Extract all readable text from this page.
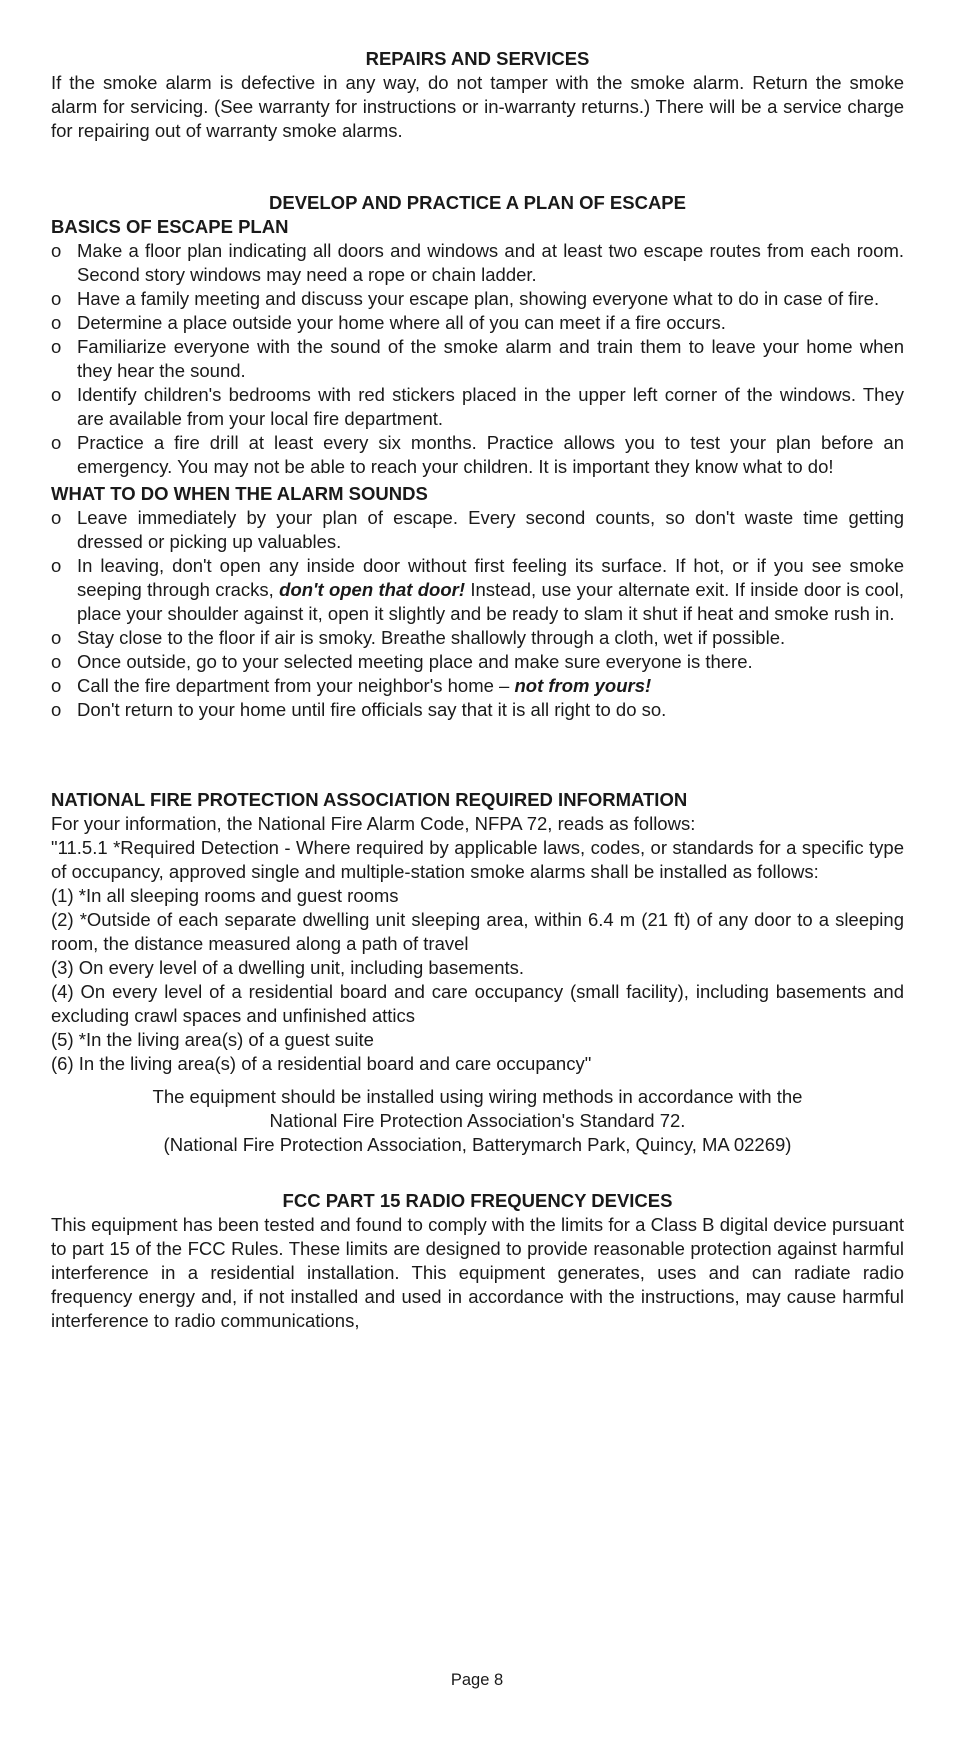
REPAIRS AND SERVICES

If the smoke alarm is defective in any way, do not tamper with the smoke alarm. Return the smoke alarm for servicing. (See warranty for instructions or in-warranty returns.) There will be a service charge for repairing out of warranty smoke alarms.

DEVELOP AND PRACTICE A PLAN OF ESCAPE
BASICS OF ESCAPE PLAN
o Make a floor plan indicating all doors and windows and at least two escape routes from each room. Second story windows may need a rope or chain ladder.
o Have a family meeting and discuss your escape plan, showing everyone what to do in case of fire.
o Determine a place outside your home where all of you can meet if a fire occurs.
o Familiarize everyone with the sound of the smoke alarm and train them to leave your home when they hear the sound.
o Identify children's bedrooms with red stickers placed in the upper left corner of the windows. They are available from your local fire department.
o Practice a fire drill at least every six months. Practice allows you to test your plan before an emergency. You may not be able to reach your children. It is important they know what to do!
WHAT TO DO WHEN THE ALARM SOUNDS
o Leave immediately by your plan of escape. Every second counts, so don't waste time getting dressed or picking up valuables.
o In leaving, don't open any inside door without first feeling its surface. If hot, or if you see smoke seeping through cracks, don't open that door! Instead, use your alternate exit. If inside door is cool, place your shoulder against it, open it slightly and be ready to slam it shut if heat and smoke rush in.
o Stay close to the floor if air is smoky. Breathe shallowly through a cloth, wet if possible.
o Once outside, go to your selected meeting place and make sure everyone is there.
o Call the fire department from your neighbor's home – not from yours!
o Don't return to your home until fire officials say that it is all right to do so.
NATIONAL FIRE PROTECTION ASSOCIATION REQUIRED INFORMATION

For your information, the National Fire Alarm Code, NFPA 72, reads as follows:

"11.5.1 *Required Detection - Where required by applicable laws, codes, or standards for a specific type of occupancy, approved single and multiple-station smoke alarms shall be installed as follows:

(1) *In all sleeping rooms and guest rooms

(2) *Outside of each separate dwelling unit sleeping area, within 6.4 m (21 ft) of any door to a sleeping room, the distance measured along a path of travel

(3) On every level of a dwelling unit, including basements.

(4) On every level of a residential board and care occupancy (small facility), including basements and excluding crawl spaces and unfinished attics

(5) *In the living area(s) of a guest suite

(6) In the living area(s) of a residential board and care occupancy"

The equipment should be installed using wiring methods in accordance with the
National Fire Protection Association's Standard 72.
(National Fire Protection Association, Batterymarch Park, Quincy, MA 02269)
FCC PART 15 RADIO FREQUENCY DEVICES

This equipment has been tested and found to comply with the limits for a Class B digital device pursuant to part 15 of the FCC Rules. These limits are designed to provide reasonable protection against harmful interference in a residential installation. This equipment generates, uses and can radiate radio frequency energy and, if not installed and used in accordance with the instructions, may cause harmful interference to radio communications,

Page 8
